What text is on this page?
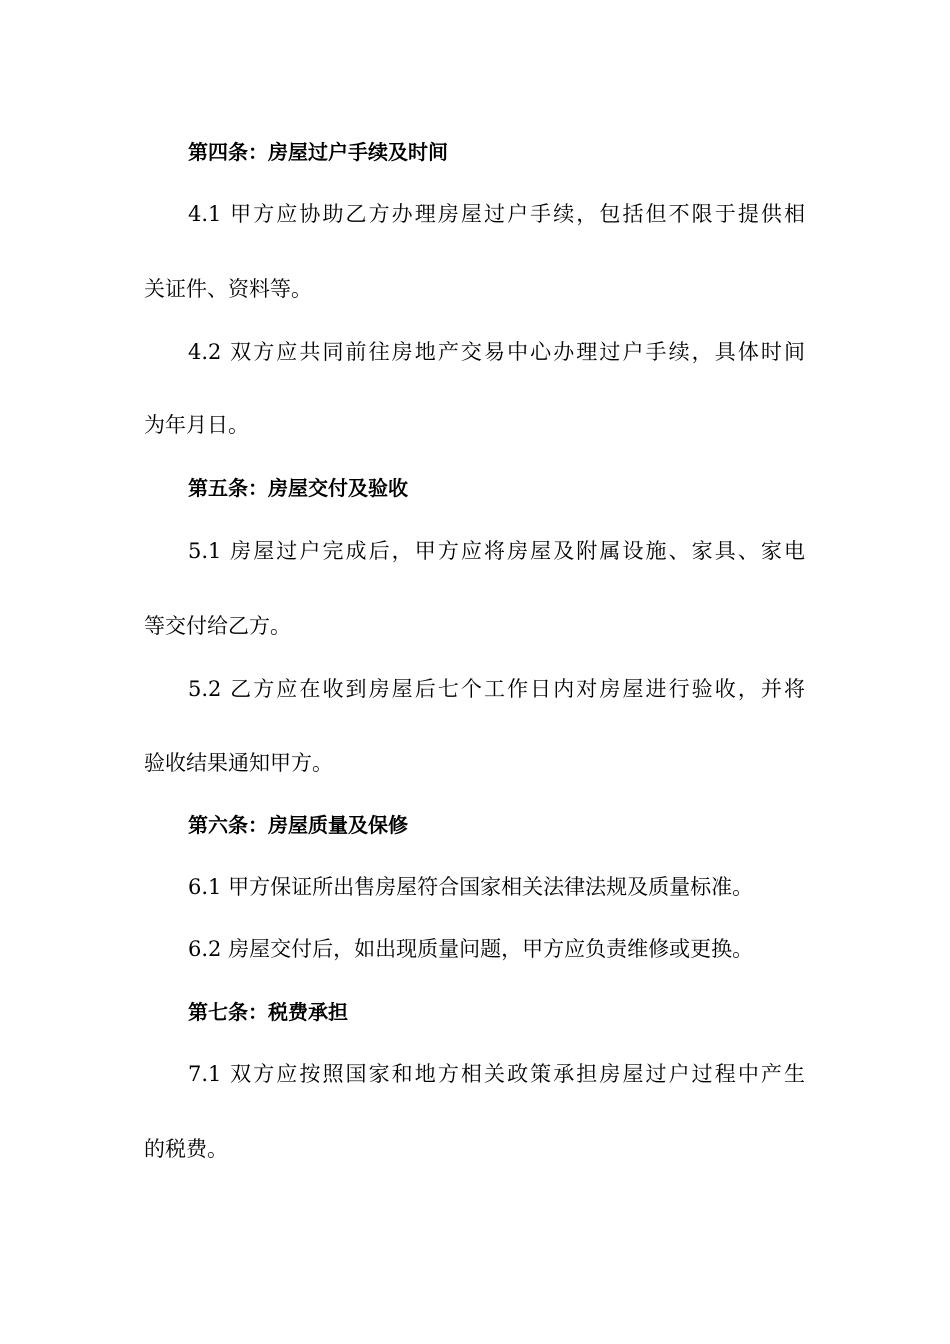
第四条：房屋过户手续及时间
4.1 甲方应协助乙方办理房屋过户手续，包括但不限于提供相
关证件、资料等。
4.2 双方应共同前往房地产交易中心办理过户手续，具体时间
为年月日。
第五条：房屋交付及验收
5.1 房屋过户完成后，甲方应将房屋及附属设施、家具、家电
等交付给乙方。
5.2 乙方应在收到房屋后七个工作日内对房屋进行验收，并将
验收结果通知甲方。
第六条：房屋质量及保修
6.1 甲方保证所出售房屋符合国家相关法律法规及质量标准。
6.2 房屋交付后，如出现质量问题，甲方应负责维修或更换。
第七条：税费承担
7.1 双方应按照国家和地方相关政策承担房屋过户过程中产生
的税费。
